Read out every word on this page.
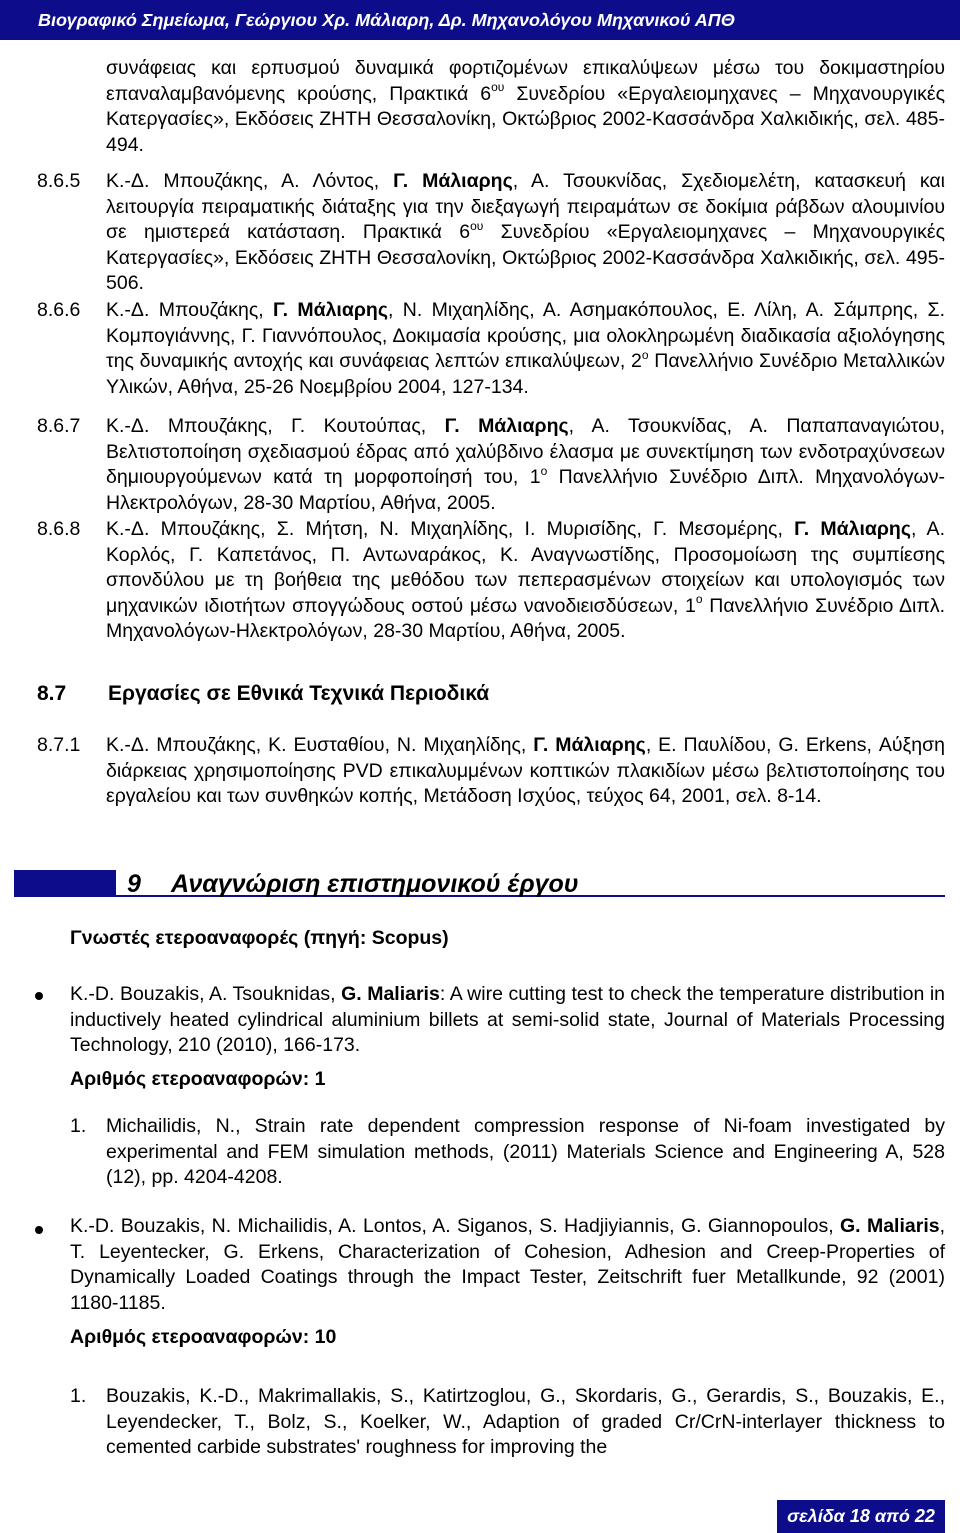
Βιογραφικό Σημείωμα, Γεώργιου Χρ. Μάλιαρη, Δρ. Μηχανολόγου Μηχανικού ΑΠΘ

συνάφειας και ερπυσμού δυναμικά φορτιζομένων επικαλύψεων μέσω του δοκιμαστηρίου επαναλαμβανόμενης κρούσης, Πρακτικά $6^{o\upsilon}$ Συνεδρίου «Εργαλειομηχανες – Μηχανουργικές Κατεργασίες», Εκδόσεις ΖΗΤΗ Θεσσαλονίκη, Οκτώβριος 2002-Κασσάνδρα Χαλκιδικής, σελ. 485-494.

8.6.5 Κ.-Δ. Μπουζάκης, Α. Λόντος, Γ. Μάλιαρης, Α. Τσουκνίδας, Σχεδιομελέτη, κατασκευή και λειτουργία πειραματικής διάταξης για την διεξαγωγή πειραμάτων σε δοκίμια ράβδων αλουμινίου σε ημιστερεά κατάσταση. Πρακτικά $6^{o\upsilon}$ Συνεδρίου «Εργαλειομηχανες – Μηχανουργικές Κατεργασίες», Εκδόσεις ΖΗΤΗ Θεσσαλονίκη, Οκτώβριος 2002-Κασσάνδρα Χαλκιδικής, σελ. 495-506.

8.6.6 Κ.-Δ. Μπουζάκης, Γ. Μάλιαρης, Ν. Μιχαηλίδης, Α. Ασημακόπουλος, Ε. Λίλη, Α. Σάμπρης, Σ. Κομπογιάννης, Γ. Γιαννόπουλος, Δοκιμασία κρούσης, μια ολοκληρωμένη διαδικασία αξιολόγησης της δυναμικής αντοχής και συνάφειας λεπτών επικαλύψεων, $2^o$ Πανελλήνιο Συνέδριο Μεταλλικών Υλικών, Αθήνα, 25-26 Νοεμβρίου 2004, 127-134.

8.6.7 Κ.-Δ. Μπουζάκης, Γ. Κουτούπας, Γ. Μάλιαρης, Α. Τσουκνίδας, Α. Παπαπαναγιώτου, Βελτιστοποίηση σχεδιασμού έδρας από χαλύβδινο έλασμα με συνεκτίμηση των ενδοτραχύνσεων δημιουργούμενων κατά τη μορφοποίησή του, $1^o$ Πανελλήνιο Συνέδριο Διπλ. Μηχανολόγων-Ηλεκτρολόγων, 28-30 Μαρτίου, Αθήνα, 2005.

8.6.8 Κ.-Δ. Μπουζάκης, Σ. Μήτση, Ν. Μιχαηλίδης, Ι. Μυρισίδης, Γ. Μεσομέρης, Γ. Μάλιαρης, Α. Κορλός, Γ. Καπετάνος, Π. Αντωναράκος, Κ. Αναγνωστίδης, Προσομοίωση της συμπίεσης σπονδύλου με τη βοήθεια της μεθόδου των πεπερασμένων στοιχείων και υπολογισμός των μηχανικών ιδιοτήτων σπογγώδους οστού μέσω νανοδιεισδύσεων, $1^o$ Πανελλήνιο Συνέδριο Διπλ. Μηχανολόγων-Ηλεκτρολόγων, 28-30 Μαρτίου, Αθήνα, 2005.

8.7 Εργασίες σε Εθνικά Τεχνικά Περιοδικά
8.7.1 Κ.-Δ. Μπουζάκης, Κ. Ευσταθίου, Ν. Μιχαηλίδης, Γ. Μάλιαρης, Ε. Παυλίδου, G. Erkens, Αύξηση διάρκειας χρησιμοποίησης PVD επικαλυμμένων κοπτικών πλακιδίων μέσω βελτιστοποίησης του εργαλείου και των συνθηκών κοπής, Μετάδοση Ισχύος, τεύχος 64, 2001, σελ. 8-14.

9 Αναγνώριση επιστημονικού έργου
Γνωστές ετεροαναφορές (πηγή: Scopus)

K.-D. Bouzakis, A. Tsouknidas, G. Maliaris: A wire cutting test to check the temperature distribution in inductively heated cylindrical aluminium billets at semi-solid state, Journal of Materials Processing Technology, 210 (2010), 166-173.

Αριθμός ετεροαναφορών: 1
1. Michailidis, N., Strain rate dependent compression response of Ni-foam investigated by experimental and FEM simulation methods, (2011) Materials Science and Engineering A, 528 (12), pp. 4204-4208.

K.-D. Bouzakis, N. Michailidis, A. Lontos, A. Siganos, S. Hadjiyiannis, G. Giannopoulos, G. Maliaris, T. Leyentecker, G. Erkens, Characterization of Cohesion, Adhesion and Creep-Properties of Dynamically Loaded Coatings through the Impact Tester, Zeitschrift fuer Metallkunde, 92 (2001) 1180-1185.

Αριθμός ετεροαναφορών: 10
1. Bouzakis, K.-D., Makrimallakis, S., Katirtzoglou, G., Skordaris, G., Gerardis, S., Bouzakis, E., Leyendecker, T., Bolz, S., Koelker, W., Adaption of graded Cr/CrN-interlayer thickness to cemented carbide substrates' roughness for improving the

σελίδα 18 από 22
